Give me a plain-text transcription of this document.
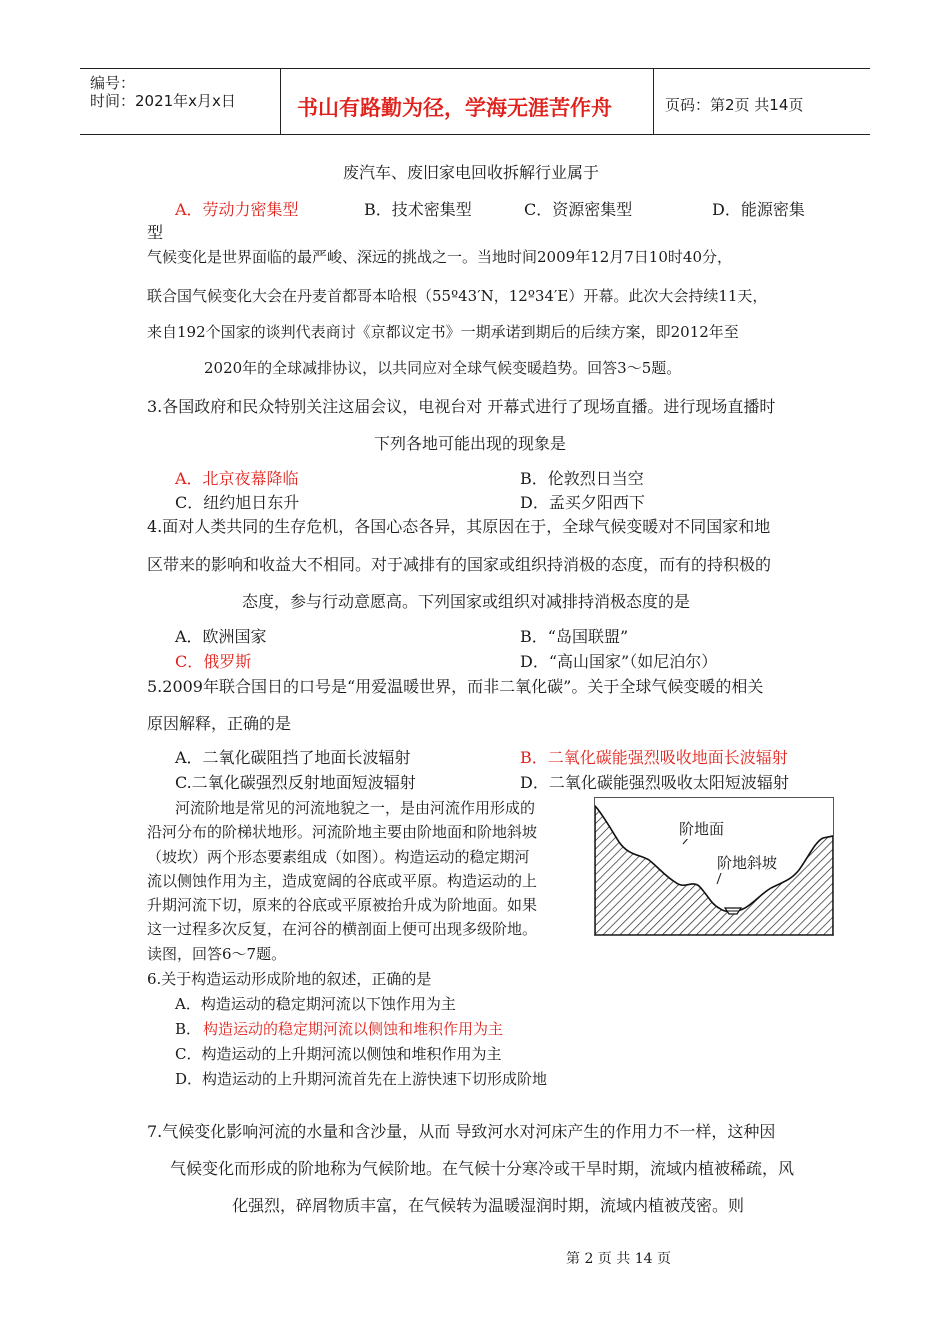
编号：
时间：2021年x月x日	书山有路勤为径，学海无涯苦作舟	页码：第2页 共14页
废汽车、废旧家电回收拆解行业属于
A．劳动力密集型	B．技术密集型	C．资源密集型	D．能源密集
型
气候变化是世界面临的最严峻、深远的挑战之一。当地时间2009年12月7日10时40分，
联合国气候变化大会在丹麦首都哥本哈根（55º43′N，12º34′E）开幕。此次大会持续11天，
来自192个国家的谈判代表商讨《京都议定书》一期承诺到期后的后续方案，即2012年至
2020年的全球减排协议，以共同应对全球气候变暖趋势。回答3～5题。
3.各国政府和民众特别关注这届会议，电视台对 开幕式进行了现场直播。进行现场直播时
下列各地可能出现的现象是
A．北京夜幕降临	B．伦敦烈日当空
C．纽约旭日东升	D．孟买夕阳西下
4.面对人类共同的生存危机，各国心态各异，其原因在于，全球气候变暖对不同国家和地
区带来的影响和收益大不相同。对于减排有的国家或组织持消极的态度，而有的持积极的
态度，参与行动意愿高。下列国家或组织对减排持消极态度的是
A．欧洲国家	B．“岛国联盟”
C．俄罗斯	D．“高山国家”（如尼泊尔）
5.2009年联合国日的口号是“用爱温暖世界，而非二氧化碳”。关于全球气候变暖的相关
原因解释，正确的是
A．二氧化碳阻挡了地面长波辐射	B．二氧化碳能强烈吸收地面长波辐射
C.二氧化碳强烈反射地面短波辐射	D．二氧化碳能强烈吸收太阳短波辐射
河流阶地是常见的河流地貌之一，是由河流作用形成的
沿河分布的阶梯状地形。河流阶地主要由阶地面和阶地斜坡
（坡坎）两个形态要素组成（如图）。构造运动的稳定期河
流以侧蚀作用为主，造成宽阔的谷底或平原。构造运动的上
升期河流下切，原来的谷底或平原被抬升成为阶地面。如果
这一过程多次反复，在河谷的横剖面上便可出现多级阶地。
读图，回答6～7题。
阶地面
阶地斜坡
6.关于构造运动形成阶地的叙述，正确的是
A．构造运动的稳定期河流以下蚀作用为主
B． 构造运动的稳定期河流以侧蚀和堆积作用为主
C．构造运动的上升期河流以侧蚀和堆积作用为主
D．构造运动的上升期河流首先在上游快速下切形成阶地
7.气候变化影响河流的水量和含沙量，从而 导致河水对河床产生的作用力不一样，这种因
气候变化而形成的阶地称为气候阶地。在气候十分寒冷或干旱时期，流域内植被稀疏，风
化强烈，碎屑物质丰富，在气候转为温暖湿润时期，流域内植被茂密。则
第 2 页 共 14 页
